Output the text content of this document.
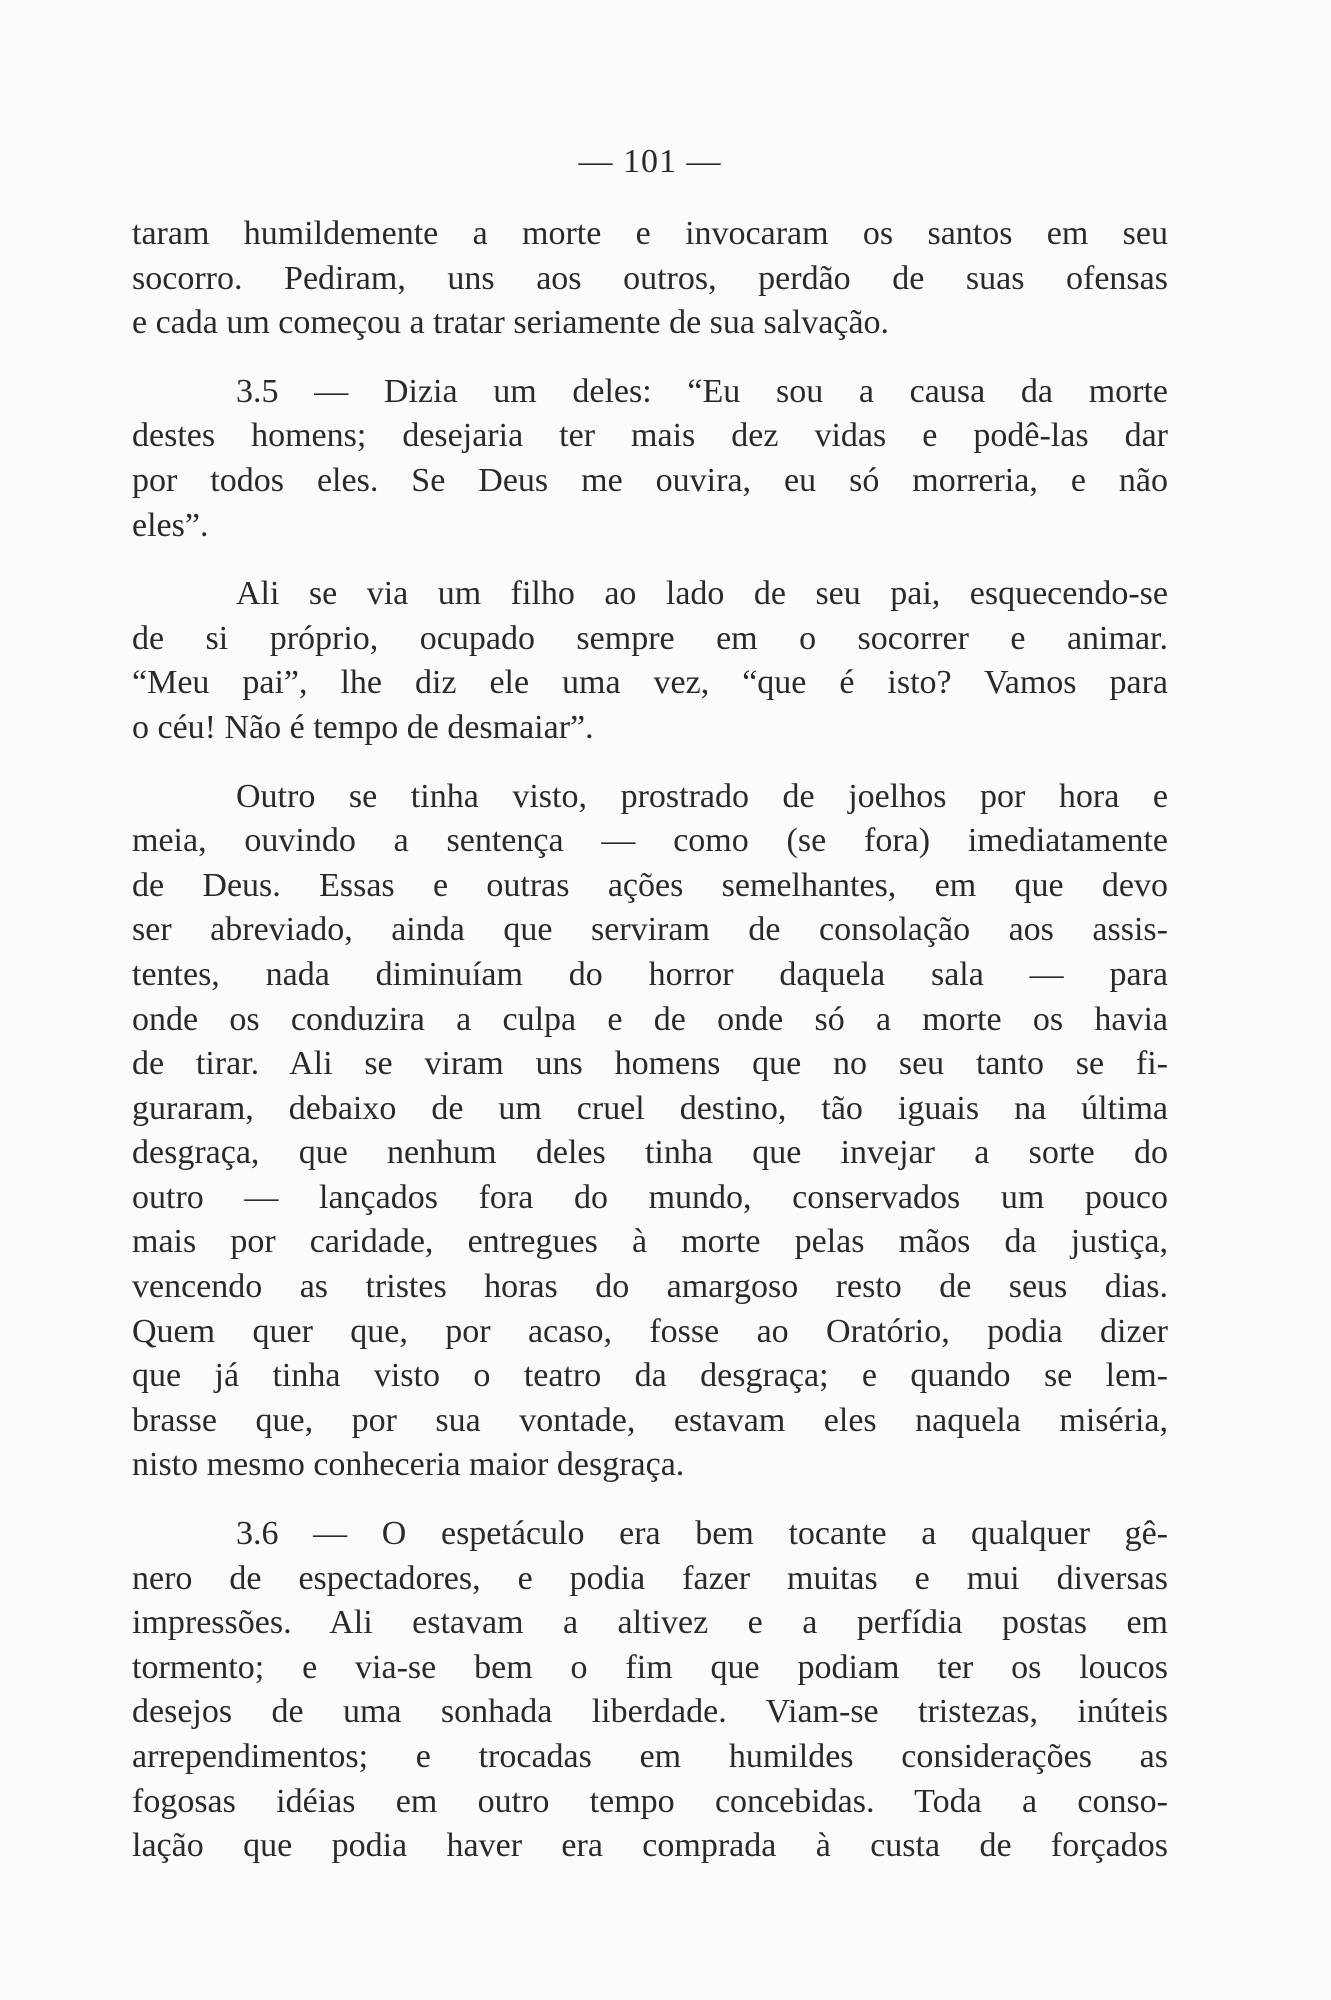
— 101 —
taram humildemente a morte e invocaram os santos em seu
socorro. Pediram, uns aos outros, perdão de suas ofensas
e cada um começou a tratar seriamente de sua salvação.
3.5 — Dizia um deles: “Eu sou a causa da morte
destes homens; desejaria ter mais dez vidas e podê-las dar
por todos eles. Se Deus me ouvira, eu só morreria, e não
eles”.
Ali se via um filho ao lado de seu pai, esquecendo-se
de si próprio, ocupado sempre em o socorrer e animar.
“Meu pai”, lhe diz ele uma vez, “que é isto? Vamos para
o céu! Não é tempo de desmaiar”.
Outro se tinha visto, prostrado de joelhos por hora e
meia, ouvindo a sentença — como (se fora) imediatamente
de Deus. Essas e outras ações semelhantes, em que devo
ser abreviado, ainda que serviram de consolação aos assis-
tentes, nada diminuíam do horror daquela sala — para
onde os conduzira a culpa e de onde só a morte os havia
de tirar. Ali se viram uns homens que no seu tanto se fi-
guraram, debaixo de um cruel destino, tão iguais na última
desgraça, que nenhum deles tinha que invejar a sorte do
outro — lançados fora do mundo, conservados um pouco
mais por caridade, entregues à morte pelas mãos da justiça,
vencendo as tristes horas do amargoso resto de seus dias.
Quem quer que, por acaso, fosse ao Oratório, podia dizer
que já tinha visto o teatro da desgraça; e quando se lem-
brasse que, por sua vontade, estavam eles naquela miséria,
nisto mesmo conheceria maior desgraça.
3.6 — O espetáculo era bem tocante a qualquer gê-
nero de espectadores, e podia fazer muitas e mui diversas
impressões. Ali estavam a altivez e a perfídia postas em
tormento; e via-se bem o fim que podiam ter os loucos
desejos de uma sonhada liberdade. Viam-se tristezas, inúteis
arrependimentos; e trocadas em humildes considerações as
fogosas idéias em outro tempo concebidas. Toda a conso-
lação que podia haver era comprada à custa de forçados
